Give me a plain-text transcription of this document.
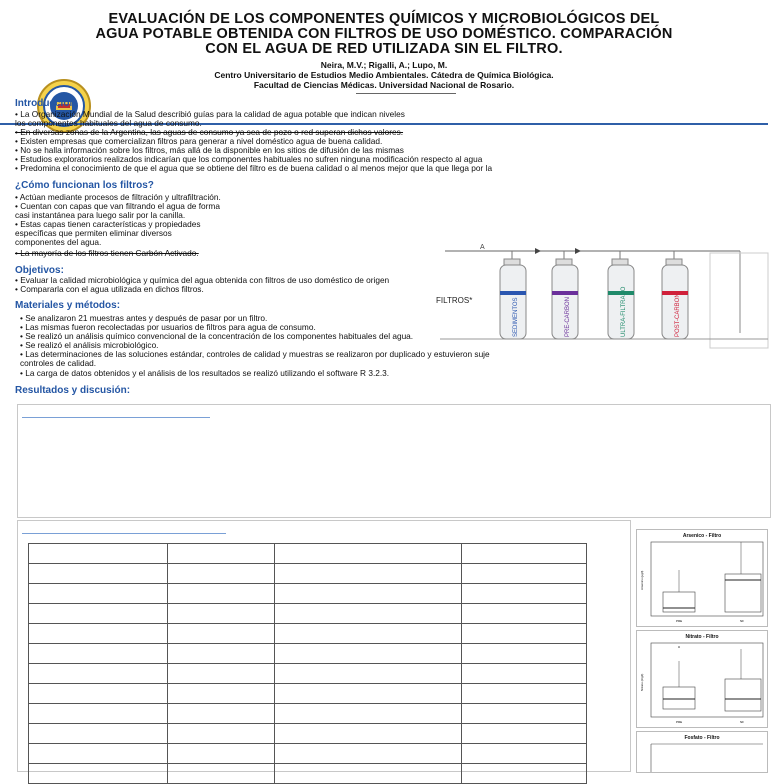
EVALUACIÓN DE LOS COMPONENTES QUÍMICOS Y MICROBIOLÓGICOS DEL
AGUA POTABLE OBTENIDA CON FILTROS DE USO DOMÉSTICO. COMPARACIÓN
CON EL AGUA DE RED UTILIZADA SIN EL FILTRO.
Neira, M.V.; Rigalli, A.; Lupo, M.
Centro Universitario de Estudios Medio Ambientales. Cátedra de Química Biológica.
Facultad de Ciencias Médicas. Universidad Nacional de Rosario.
Introducción
• La Organización Mundial de la Salud describió guías para la calidad de agua potable que indican niveles
los componentes habituales del agua de consumo.
• En diversas zonas de la Argentina, las aguas de consumo ya sea de pozo o red superan dichos valores.
• Existen empresas que comercializan filtros para generar a nivel doméstico agua de buena calidad.
• No se halla información sobre los filtros, más allá de la disponible en los sitios de difusión de las mismas
• Estudios exploratorios realizados indicarían que los componentes habituales no sufren ninguna modificación respecto al agua
• Predomina el conocimiento de que el agua que se obtiene del filtro es de buena calidad o al menos mejor que la que llega por la
¿Cómo funcionan los filtros?
• Actúan mediante procesos de filtración y ultrafiltración.
• Cuentan con capas que van filtrando el agua de forma
casi instantánea para luego salir por la canilla.
• Estas capas tienen características y propiedades
específicas que permiten eliminar diversos
componentes del agua.
• La mayoría de los filtros tienen Carbón Activado.
A
FILTROS*	SEDIMENTOS	PRE-CARBON	ULTRA-FILTRADO	POST-CARBON
Objetivos:
• Evaluar la calidad microbiológica y química del agua obtenida con filtros de uso doméstico de origen
• Compararla con el agua utilizada en dichos filtros.
Materiales y métodos:
• Se analizaron 21 muestras antes y después de pasar por un filtro.
• Las mismas fueron recolectadas por usuarios de filtros para agua de consumo.
• Se realizó un análisis químico convencional de la concentración de los componentes habituales del agua.
• Se realizó el análisis microbiológico.
• Las determinaciones de las soluciones estándar, controles de calidad y muestras se realizaron por duplicado y estuvieron suje
controles de calidad.
• La carga de datos obtenidos y el análisis de los resultados se realizó utilizando el software R 3.2.3.
Resultados y discusión:

Arsenico - Filtro
Arsenico (µg/l)
PRE	NF
Nitrato - Filtro
Nitrato (mg/l)
PRE	NF
Fosfato - Filtro
